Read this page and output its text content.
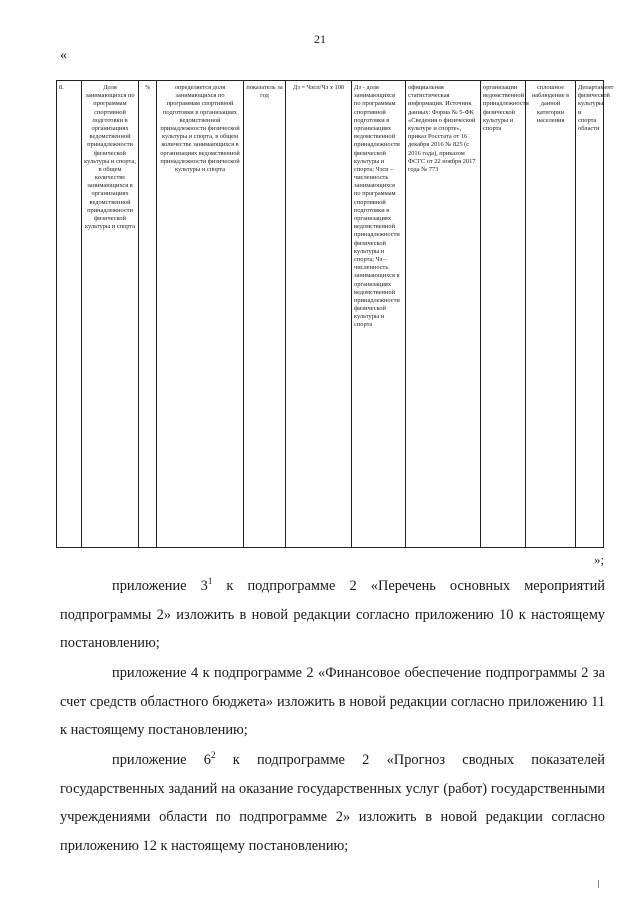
21
«
8.	Доля занимающихся по программам спортивной подготовки в организациях ведомственной принадлежности физической культуры и спорта, в общем количестве занимающихся в организациях ведомственной принадлежности физической культуры и спорта	%	определяется доля занимающихся по программам спортивной подготовки в организациях ведомственной принадлежности физической культуры и спорта, в общем количестве занимающихся в организациях ведомственной принадлежности физической культуры и спорта	показатель за год	Дз = Чзсп/Чз х 100	Дз - доля занимающихся по программам спортивной подготовки в организациях ведомственной принадлежности физической культуры и спорта; Чзсп – численность занимающихся по программам спортивной подготовки в организациях ведомственной принадлежности физической культуры и спорта; Чз – численность занимающихся в организациях ведомственной принадлежности физической культуры и спорта	официальная статистическая информация. Источник данных: Форма № 5-ФК «Сведения о физической культуре и спорте», приказ Росстата от 16 декабря 2016 № 825 (с 2016 года), приказом ФСГС от 22 ноября 2017 года № 773	организации ведомственной принадлежности физической культуры и спорта	сплошное наблюдение в данной категории населения	Департамент физической культуры и спорта области
»;

приложение $3^1$ к подпрограмме 2 «Перечень основных мероприятий подпрограммы 2» изложить в новой редакции согласно приложению 10 к настоящему постановлению;

приложение 4 к подпрограмме 2 «Финансовое обеспечение подпрограммы 2 за счет средств областного бюджета» изложить в новой редакции согласно приложению 11 к настоящему постановлению;

приложение $6^2$ к подпрограмме 2 «Прогноз сводных показателей государственных заданий на оказание государственных услуг (работ) государственными учреждениями области по подпрограмме 2» изложить в новой редакции согласно приложению 12 к настоящему постановлению;
